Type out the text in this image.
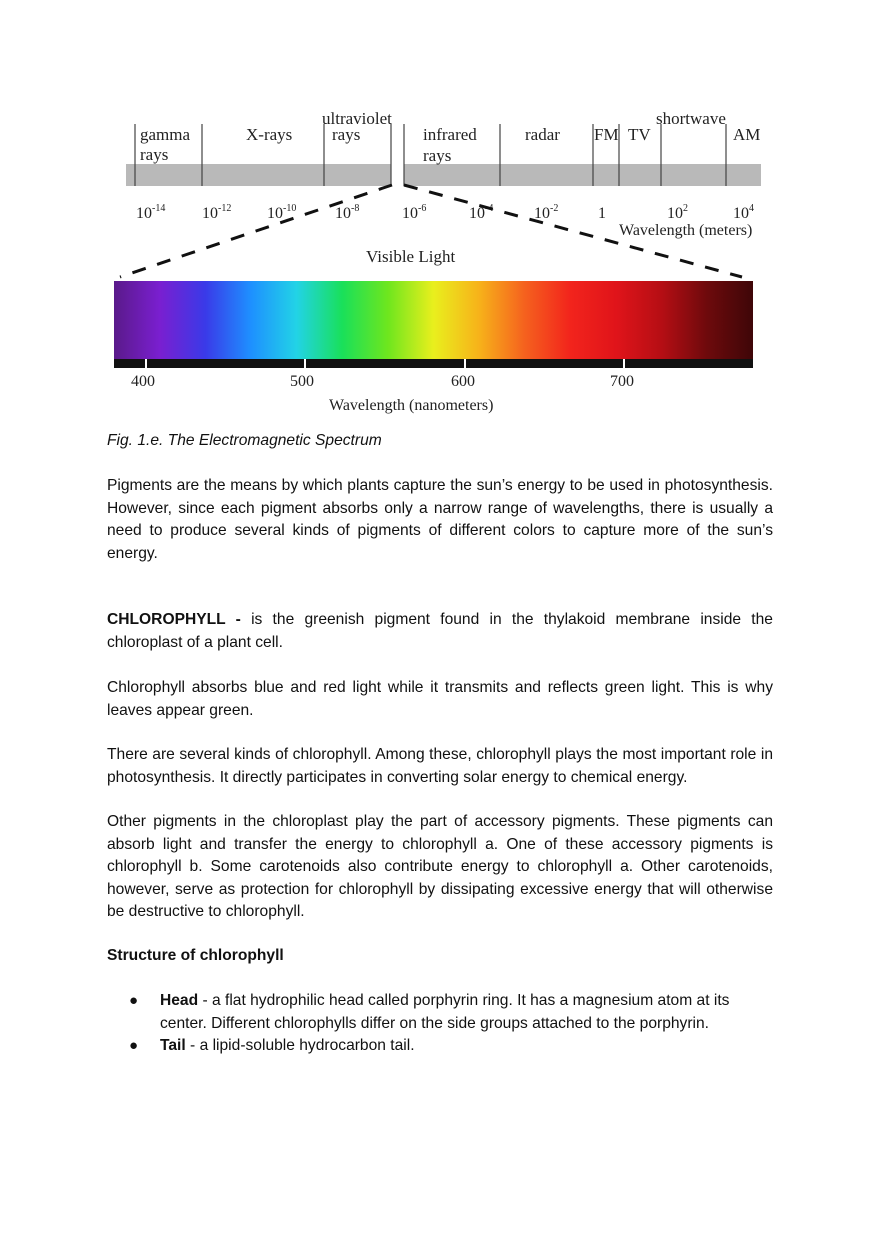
gamma
rays
X-rays
ultraviolet
rays	infrared
rays
radar FM TV
shortwave
AM
$10^{-14}$ $10^{-12}$ $10^{-10}$ $10^{-8}$	$10^{-6}$	10	$10^{-2}$ 1	$10^2$	$10^4$
Wavelength (meters)
Visible Light
400	500	600	700
Wavelength (nanometers)
Fig. 1.e. The Electromagnetic Spectrum
Pigments are the means by which plants capture the sun’s energy to be used in photosynthesis. However, since each pigment absorbs only a narrow range of wavelengths, there is usually a need to produce several kinds of pigments of different colors to capture more of the sun’s energy.
CHLOROPHYLL - is the greenish pigment found in the thylakoid membrane inside the chloroplast of a plant cell.
Chlorophyll absorbs blue and red light while it transmits and reflects green light. This is why leaves appear green.
There are several kinds of chlorophyll. Among these, chlorophyll plays the most important role in photosynthesis. It directly participates in converting solar energy to chemical energy.
Other pigments in the chloroplast play the part of accessory pigments. These pigments can absorb light and transfer the energy to chlorophyll a. One of these accessory pigments is chlorophyll b. Some carotenoids also contribute energy to chlorophyll a. Other carotenoids, however, serve as protection for chlorophyll by dissipating excessive energy that will otherwise be destructive to chlorophyll.
Structure of chlorophyll
● Head - a flat hydrophilic head called porphyrin ring. It has a magnesium atom at its center. Different chlorophylls differ on the side groups attached to the porphyrin.
● Tail - a lipid-soluble hydrocarbon tail.
